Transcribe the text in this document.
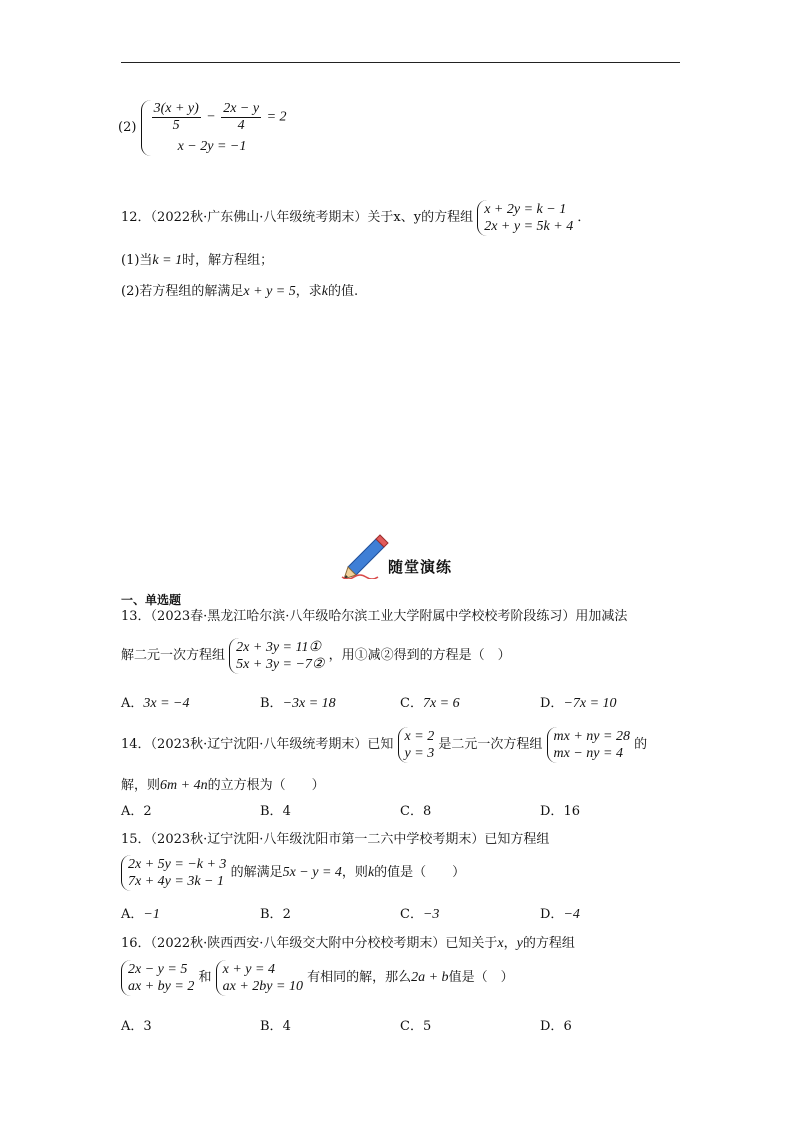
$(2) \frac{3(x + y)}{5} - \frac{2x - y}{4} = 2$
x − 2y = −1
12．（2022秋·广东佛山·八年级统考期末）关于x、y的方程组
x + 2y = k − 1
2x + y = 5k + 4
．
(1)当k = 1时，解方程组；
(2)若方程组的解满足x + y = 5，求k的值.
随堂演练
一、单选题
13．（2023春·黑龙江哈尔滨·八年级哈尔滨工业大学附属中学校校考阶段练习）用加减法
解二元一次方程组
2x + 3y = 11①
5x + 3y = −7②
，用①减②得到的方程是（　）
A．3x = −4	B．−3x = 18	C．7x = 6	D．−7x = 10
14．（2023秋·辽宁沈阳·八年级统考期末）已知
x = 2
y = 3
是二元一次方程组
mx + ny = 28
mx − ny = 4
的
解，则6m + 4n的立方根为（　　）
A．2	B．4	C．8	D．16
15．（2023秋·辽宁沈阳·八年级沈阳市第一二六中学校考期末）已知方程组
2x + 5y = −k + 3
7x + 4y = 3k − 1
的解满足5x − y = 4，则k的值是（　　）
A．−1	B．2	C．−3	D．−4
16．（2022秋·陕西西安·八年级交大附中分校校考期末）已知关于x，y的方程组
2x − y = 5
ax + by = 2
和
x + y = 4
ax + 2by = 10
有相同的解，那么2a + b值是（　）
A．3	B．4	C．5	D．6
